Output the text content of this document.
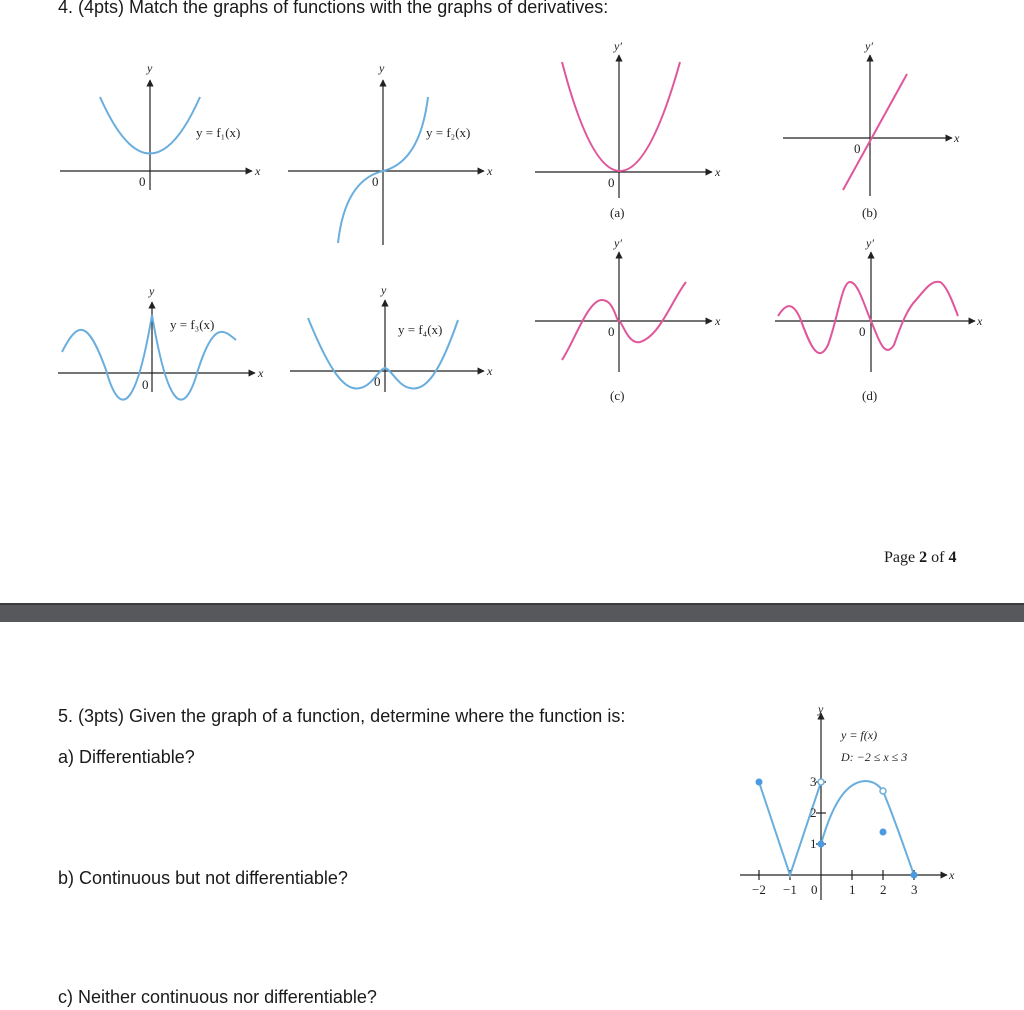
4. (4pts) Match the graphs of functions with the graphs of derivatives:
y
x
0
y = f₁(x)
y
x
0
y = f₂(x)
y′
x
0
(a)
y′
x
0
(b)
y
x
0
y = f₃(x)
y
x
0
y = f₄(x)
y′
x
0
(c)
y′
x
0
(d)
Page 2 of 4
5. (3pts) Given the graph of a function, determine where the function is:

a) Differentiable?

b) Continuous but not differentiable?

c) Neither continuous nor differentiable?

y
y = f(x)
D: −2 ≤ x ≤ 3
x
−2 −1 0 1 2 3
1
2
3
